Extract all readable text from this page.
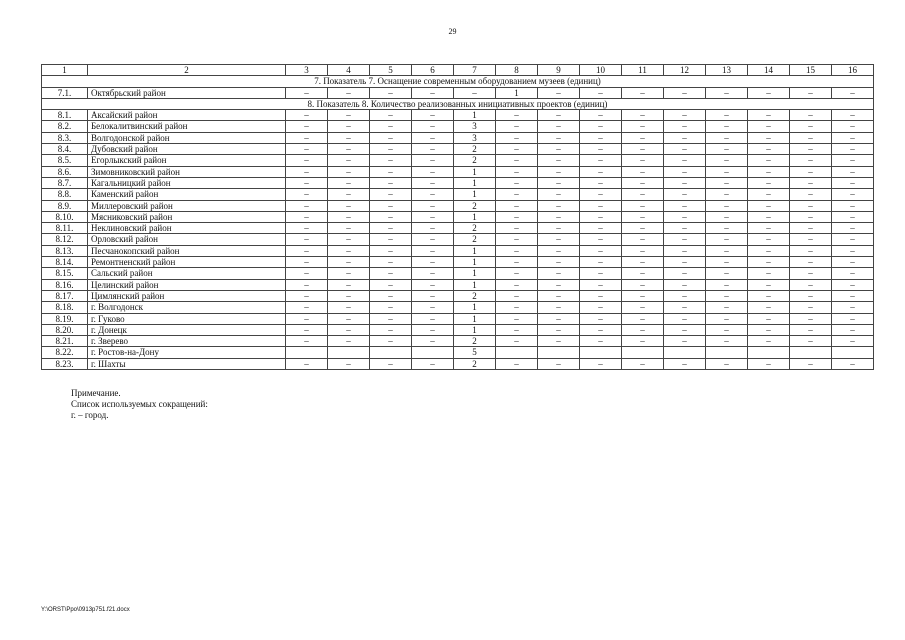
29
1	2	3	4	5	6	7	8	9	10	11	12	13	14	15	16
7. Показатель 7. Оснащение современным оборудованием музеев (единиц)															
7.1.	Октябрьский район	–	–	–	–	–	1	–	–	–	–	–	–	–	–
8. Показатель 8. Количество реализованных инициативных проектов (единиц)															
8.1.	Аксайский район	–	–	–	–	1	–	–	–	–	–	–	–	–	–
8.2.	Белокалитвинский район	–	–	–	–	3	–	–	–	–	–	–	–	–	–
8.3.	Волгодонской район	–	–	–	–	3	–	–	–	–	–	–	–	–	–
8.4.	Дубовский район	–	–	–	–	2	–	–	–	–	–	–	–	–	–
8.5.	Егорлыкский район	–	–	–	–	2	–	–	–	–	–	–	–	–	–
8.6.	Зимовниковский район	–	–	–	–	1	–	–	–	–	–	–	–	–	–
8.7.	Кагальницкий район	–	–	–	–	1	–	–	–	–	–	–	–	–	–
8.8.	Каменский район	–	–	–	–	1	–	–	–	–	–	–	–	–	–
8.9.	Миллеровский район	–	–	–	–	2	–	–	–	–	–	–	–	–	–
8.10.	Мясниковский район	–	–	–	–	1	–	–	–	–	–	–	–	–	–
8.11.	Неклиновский район	–	–	–	–	2	–	–	–	–	–	–	–	–	–
8.12.	Орловский район	–	–	–	–	2	–	–	–	–	–	–	–	–	–
8.13.	Песчанокопский район	–	–	–	–	1	–	–	–	–	–	–	–	–	–
8.14.	Ремонтненский район	–	–	–	–	1	–	–	–	–	–	–	–	–	–
8.15.	Сальский район	–	–	–	–	1	–	–	–	–	–	–	–	–	–
8.16.	Целинский район	–	–	–	–	1	–	–	–	–	–	–	–	–	–
8.17.	Цимлянский район	–	–	–	–	2	–	–	–	–	–	–	–	–	–
8.18.	г. Волгодонск	–	–	–	–	1	–	–	–	–	–	–	–	–	–
8.19.	г. Гуково	–	–	–	–	1	–	–	–	–	–	–	–	–	–
8.20.	г. Донецк	–	–	–	–	1	–	–	–	–	–	–	–	–	–
8.21.	г. Зверево	–	–	–	–	2	–	–	–	–	–	–	–	–	–
8.22.	г. Ростов-на-Дону					5									
8.23.	г. Шахты	–	–	–	–	2	–	–	–	–	–	–	–	–	–
Примечание.
Список используемых сокращений:
г. – город.
Y:\ORST\Ppo\0913p751.f21.docx
